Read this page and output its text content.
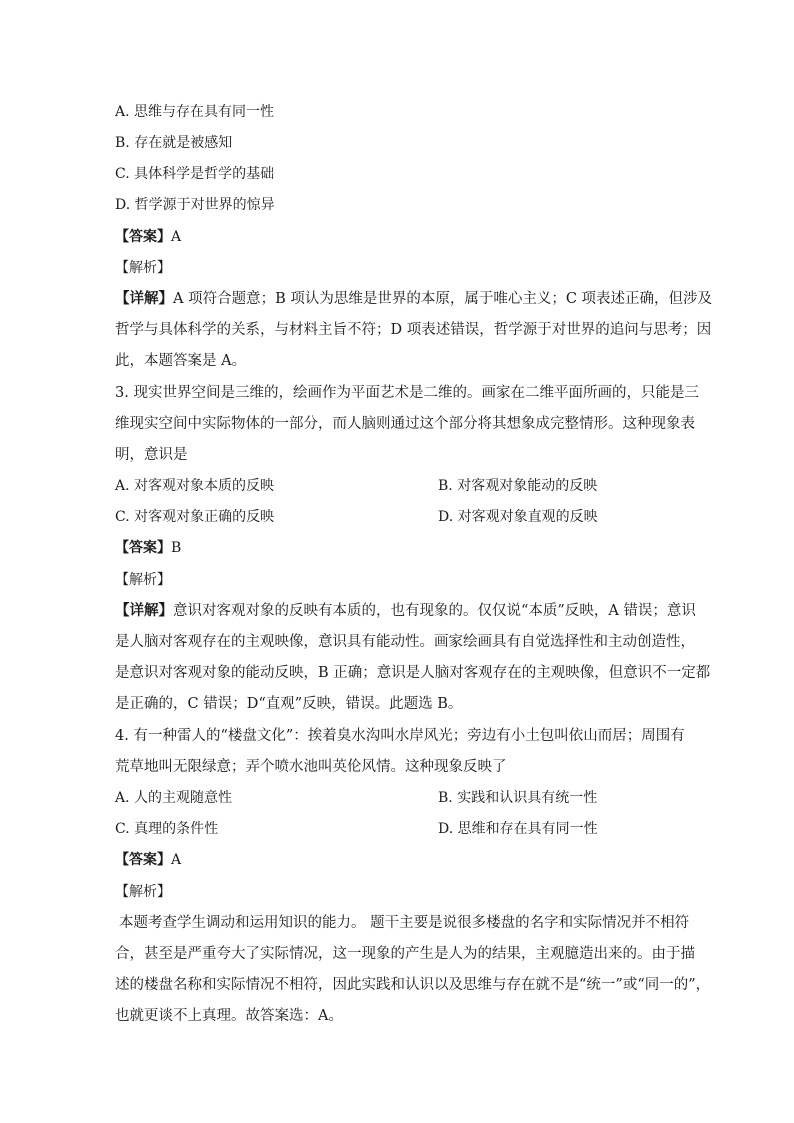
A. 思维与存在具有同一性
B. 存在就是被感知
C. 具体科学是哲学的基础
D. 哲学源于对世界的惊异
【答案】A
【解析】
【详解】A 项符合题意；B 项认为思维是世界的本原，属于唯心主义；C 项表述正确，但涉及
哲学与具体科学的关系，与材料主旨不符；D 项表述错误，哲学源于对世界的追问与思考；因
此，本题答案是 A。
3. 现实世界空间是三维的，绘画作为平面艺术是二维的。画家在二维平面所画的，只能是三
维现实空间中实际物体的一部分，而人脑则通过这个部分将其想象成完整情形。这种现象表
明，意识是
A. 对客观对象本质的反映	B. 对客观对象能动的反映
C. 对客观对象正确的反映	D. 对客观对象直观的反映
【答案】B
【解析】
【详解】意识对客观对象的反映有本质的，也有现象的。仅仅说“本质”反映，A 错误；意识
是人脑对客观存在的主观映像，意识具有能动性。画家绘画具有自觉选择性和主动创造性，
是意识对客观对象的能动反映，B 正确；意识是人脑对客观存在的主观映像，但意识不一定都
是正确的，C 错误；D“直观”反映，错误。此题选 B。
4. 有一种雷人的“楼盘文化”：挨着臭水沟叫水岸风光；旁边有小土包叫依山而居；周围有
荒草地叫无限绿意；弄个喷水池叫英伦风情。这种现象反映了
A. 人的主观随意性	B. 实践和认识具有统一性
C. 真理的条件性	D. 思维和存在具有同一性
【答案】A
【解析】
本题考查学生调动和运用知识的能力。 题干主要是说很多楼盘的名字和实际情况并不相符
合，甚至是严重夸大了实际情况，这一现象的产生是人为的结果，主观臆造出来的。由于描
述的楼盘名称和实际情况不相符，因此实践和认识以及思维与存在就不是“统一”或“同一的”，
也就更谈不上真理。故答案选：A。
